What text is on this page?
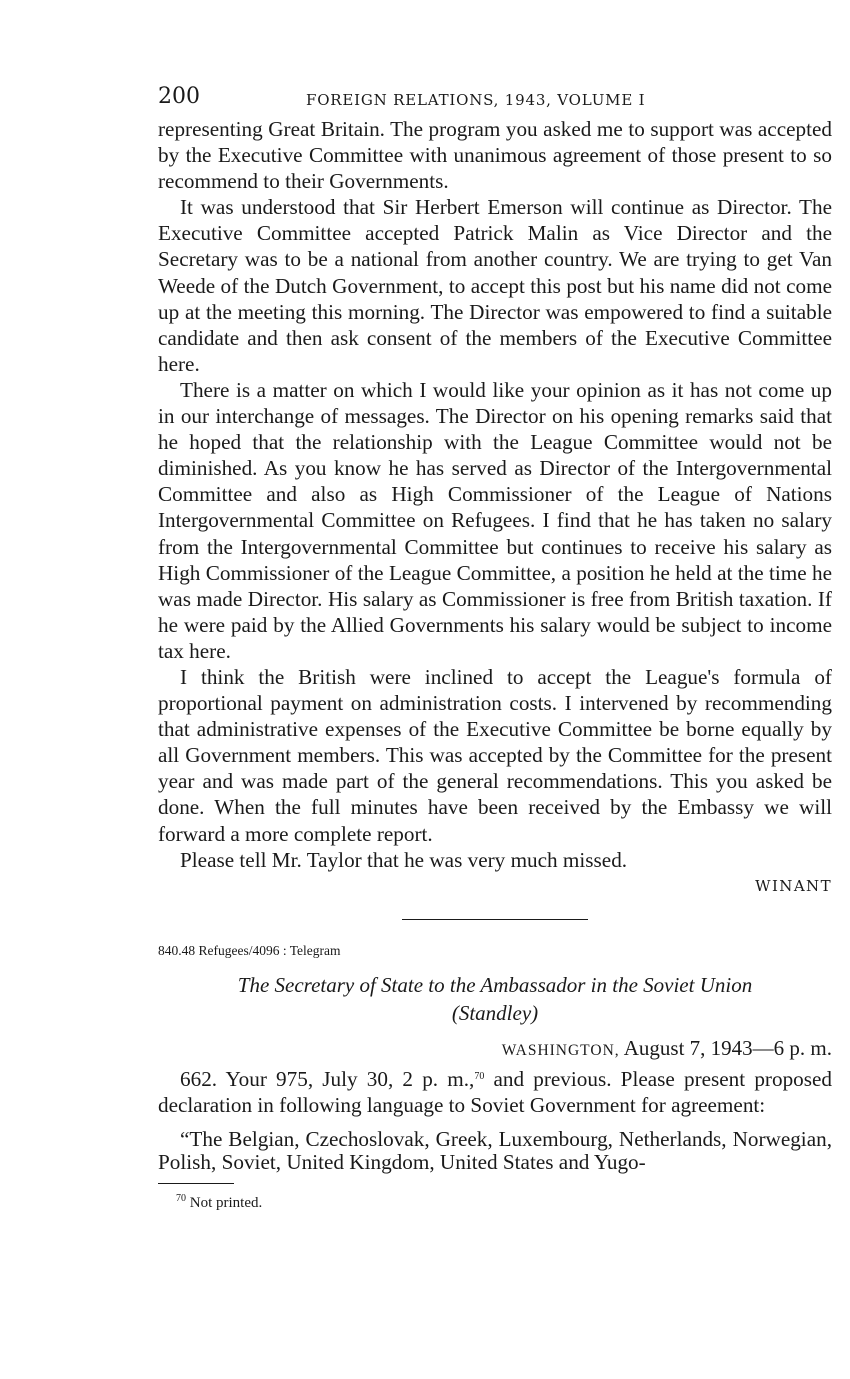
200	FOREIGN RELATIONS, 1943, VOLUME I

representing Great Britain. The program you asked me to support was accepted by the Executive Committee with unanimous agreement of those present to so recommend to their Governments.

It was understood that Sir Herbert Emerson will continue as Director. The Executive Committee accepted Patrick Malin as Vice Director and the Secretary was to be a national from another country. We are trying to get Van Weede of the Dutch Government, to accept this post but his name did not come up at the meeting this morning. The Director was empowered to find a suitable candidate and then ask consent of the members of the Executive Committee here.

There is a matter on which I would like your opinion as it has not come up in our interchange of messages. The Director on his opening remarks said that he hoped that the relationship with the League Committee would not be diminished. As you know he has served as Director of the Intergovernmental Committee and also as High Commissioner of the League of Nations Intergovernmental Committee on Refugees. I find that he has taken no salary from the Intergovernmental Committee but continues to receive his salary as High Commissioner of the League Committee, a position he held at the time he was made Director. His salary as Commissioner is free from British taxation. If he were paid by the Allied Governments his salary would be subject to income tax here.

I think the British were inclined to accept the League's formula of proportional payment on administration costs. I intervened by recommending that administrative expenses of the Executive Committee be borne equally by all Government members. This was accepted by the Committee for the present year and was made part of the general recommendations. This you asked be done. When the full minutes have been received by the Embassy we will forward a more complete report.

Please tell Mr. Taylor that he was very much missed.

WINANT
840.48 Refugees/4096 : Telegram
The Secretary of State to the Ambassador in the Soviet Union
(Standley)
WASHINGTON, August 7, 1943—6 p. m.

662. Your 975, July 30, 2 p. m.,$^{70}$ and previous. Please present proposed declaration in following language to Soviet Government for agreement:

“The Belgian, Czechoslovak, Greek, Luxembourg, Netherlands, Norwegian, Polish, Soviet, United Kingdom, United States and Yugo-
$^{70}$ Not printed.
